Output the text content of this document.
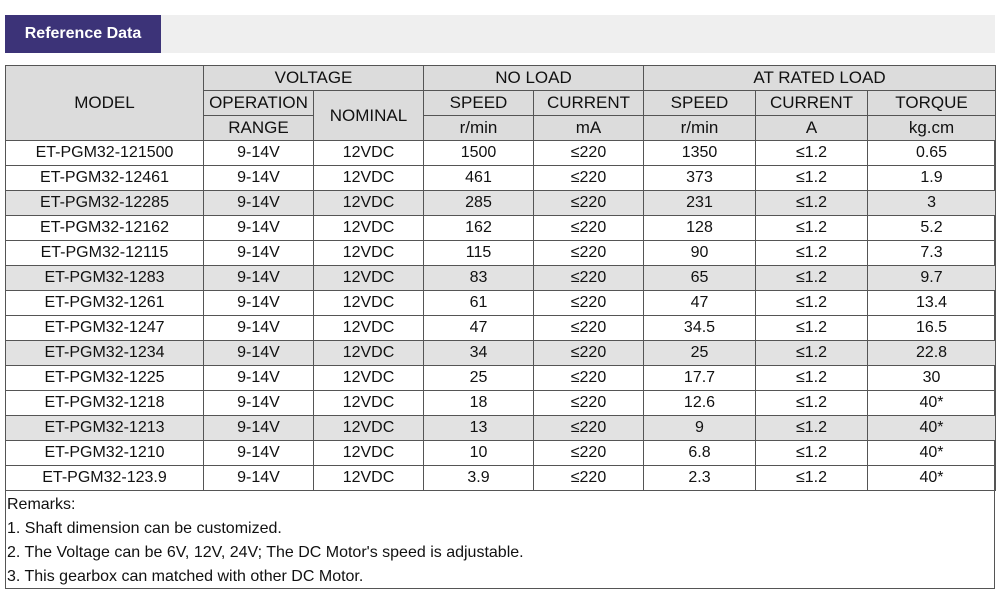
Reference Data
MODEL	VOLTAGE		NO LOAD		AT RATED LOAD		
	OPERATION	NOMINAL	SPEED	CURRENT	SPEED	CURRENT	TORQUE
	RANGE		r/min	mA	r/min	A	kg.cm
ET-PGM32-121500	9-14V	12VDC	1500	≤220	1350	≤1.2	0.65
ET-PGM32-12461	9-14V	12VDC	461	≤220	373	≤1.2	1.9
ET-PGM32-12285	9-14V	12VDC	285	≤220	231	≤1.2	3
ET-PGM32-12162	9-14V	12VDC	162	≤220	128	≤1.2	5.2
ET-PGM32-12115	9-14V	12VDC	115	≤220	90	≤1.2	7.3
ET-PGM32-1283	9-14V	12VDC	83	≤220	65	≤1.2	9.7
ET-PGM32-1261	9-14V	12VDC	61	≤220	47	≤1.2	13.4
ET-PGM32-1247	9-14V	12VDC	47	≤220	34.5	≤1.2	16.5
ET-PGM32-1234	9-14V	12VDC	34	≤220	25	≤1.2	22.8
ET-PGM32-1225	9-14V	12VDC	25	≤220	17.7	≤1.2	30
ET-PGM32-1218	9-14V	12VDC	18	≤220	12.6	≤1.2	40*
ET-PGM32-1213	9-14V	12VDC	13	≤220	9	≤1.2	40*
ET-PGM32-1210	9-14V	12VDC	10	≤220	6.8	≤1.2	40*
ET-PGM32-123.9	9-14V	12VDC	3.9	≤220	2.3	≤1.2	40*
Remarks:
1. Shaft dimension can be customized.
2. The Voltage can be 6V, 12V, 24V; The DC Motor's speed is adjustable.
3. This gearbox can matched with other DC Motor.
